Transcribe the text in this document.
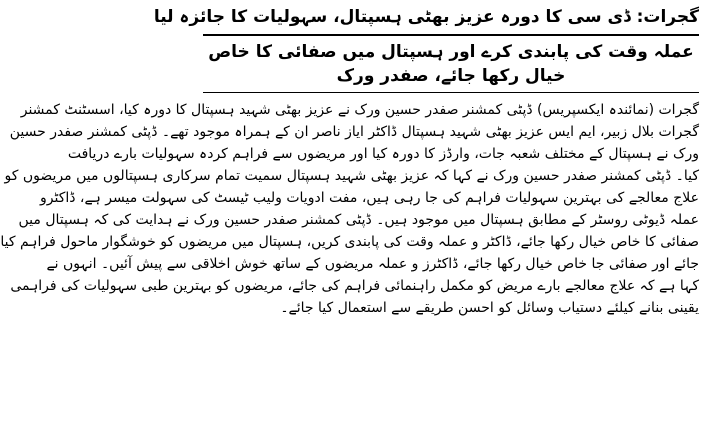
گجرات: ڈی سی کا دورہ عزیز بھٹی ہسپتال، سہولیات کا جائزہ لیا
عملہ وقت کی پابندی کرے اور ہسپتال میں صفائی کا خاص خیال رکھا جائے، صفدر ورک
گجرات (نمائندہ ایکسپریس) ڈپٹی کمشنر صفدر حسین ورک نے عزیز بھٹی شہید ہسپتال کا دورہ کیا، اسسٹنٹ کمشنر
گجرات بلال زبیر، ایم ایس عزیز بھٹی شہید ہسپتال ڈاکٹر ایاز ناصر ان کے ہمراہ موجود تھے۔ ڈپٹی کمشنر صفدر حسین
ورک نے ہسپتال کے مختلف شعبہ جات، وارڈز کا دورہ کیا اور مریضوں سے فراہم کردہ سہولیات بارے دریافت
کیا۔ ڈپٹی کمشنر صفدر حسین ورک نے کہا کہ عزیز بھٹی شہید ہسپتال سمیت تمام سرکاری ہسپتالوں میں مریضوں کو
علاج معالجے کی بہترین سہولیات فراہم کی جا رہی ہیں، مفت ادویات ولیب ٹیسٹ کی سہولت میسر ہے، ڈاکٹرو
عملہ ڈیوٹی روسٹر کے مطابق ہسپتال میں موجود ہیں۔ ڈپٹی کمشنر صفدر حسین ورک نے ہدایت کی کہ ہسپتال میں
صفائی کا خاص خیال رکھا جائے، ڈاکٹر و عملہ وقت کی پابندی کریں، ہسپتال میں مریضوں کو خوشگوار ماحول فراہم کیا
جائے اور صفائی جا خاص خیال رکھا جائے، ڈاکٹرز و عملہ مریضوں کے ساتھ خوش اخلاقی سے پیش آئیں۔ انہوں نے
کہا ہے کہ علاج معالجے بارے مریض کو مکمل راہنمائی فراہم کی جائے، مریضوں کو بہترین طبی سہولیات کی فراہمی
یقینی بنانے کیلئے دستیاب وسائل کو احسن طریقے سے استعمال کیا جائے۔
